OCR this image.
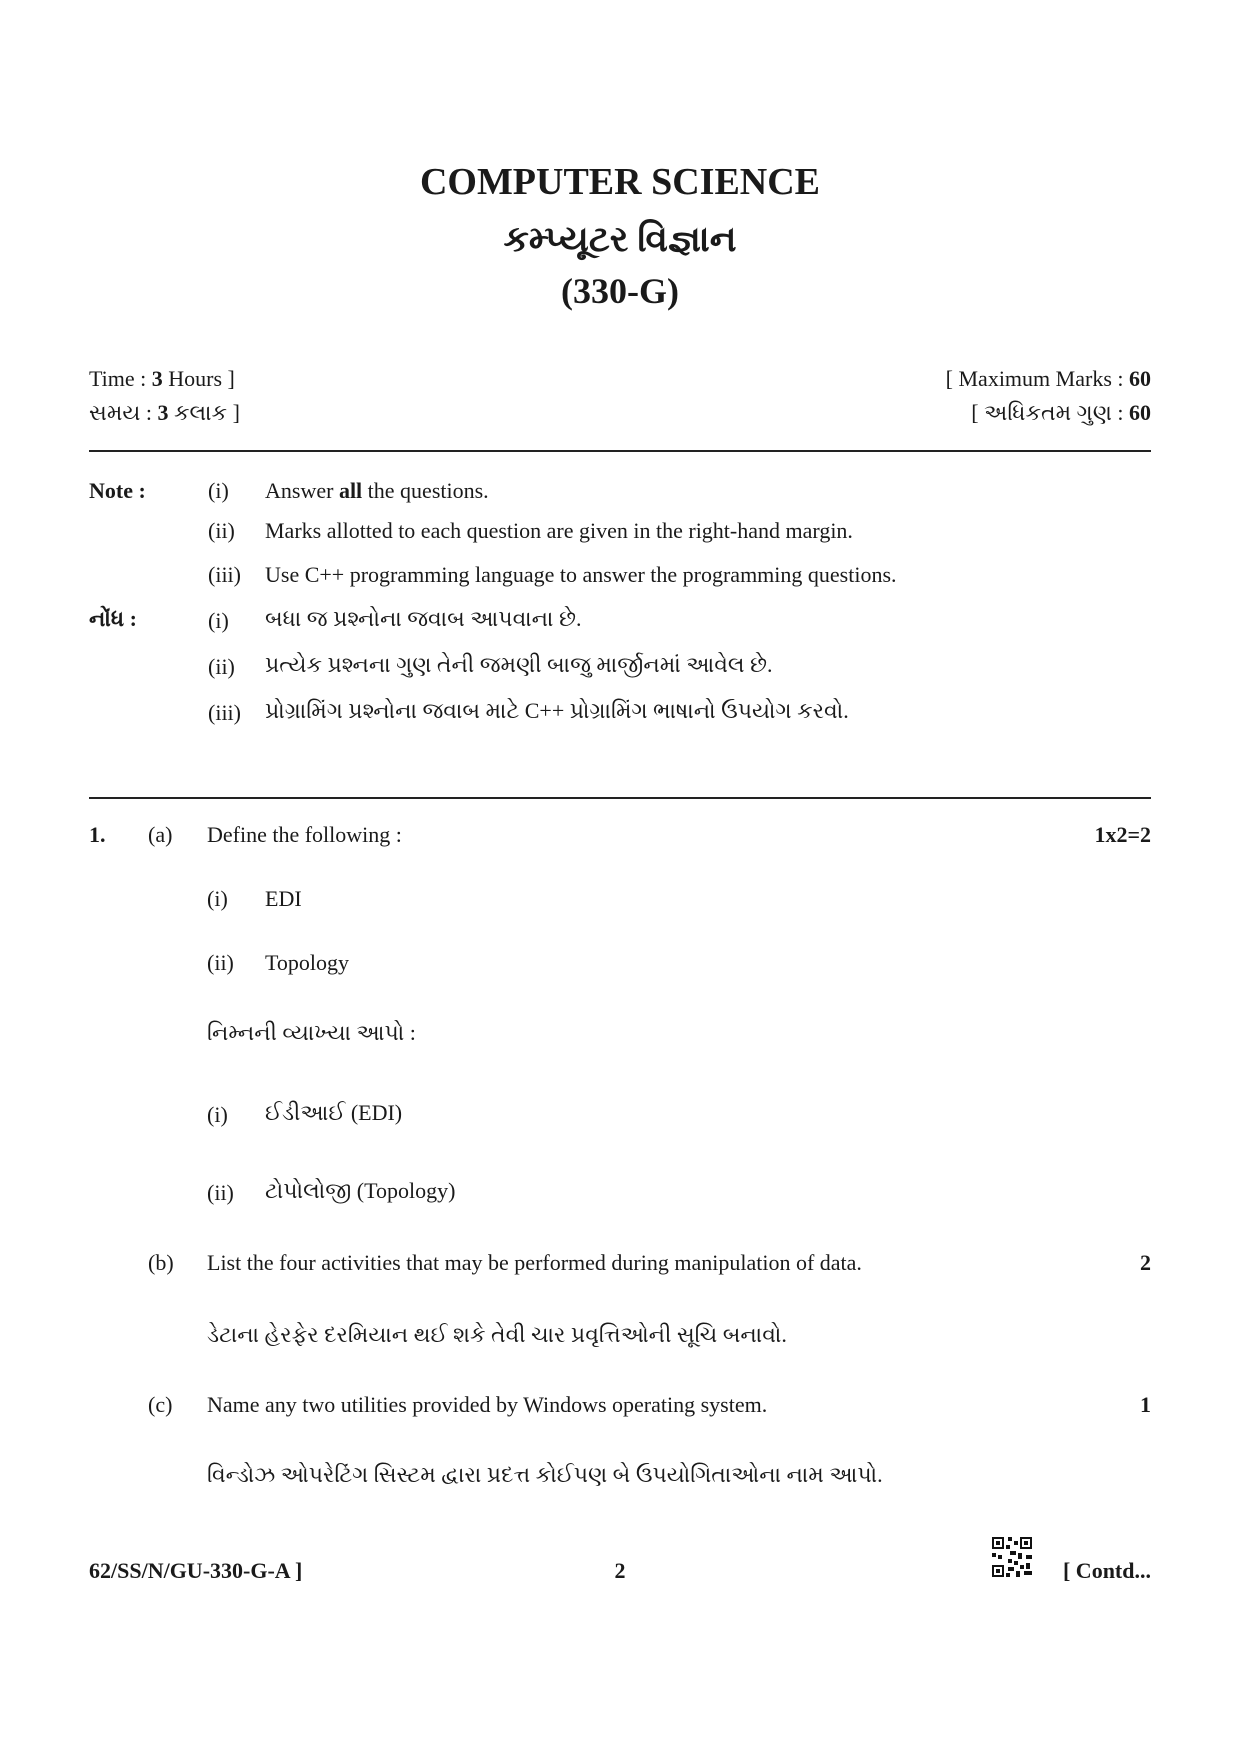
COMPUTER SCIENCE
કમ્પ્યૂટર વિજ્ઞાન
(330-G)
Time : 3 Hours ]
સમય : 3 કલાક ]
[ Maximum Marks : 60
[ અધિકતમ ગુણ : 60
Note :	(i) Answer all the questions.
(ii) Marks allotted to each question are given in the right-hand margin.
(iii) Use C++ programming language to answer the programming questions.
નોંધ :	(i) બધા જ પ્રશ્નોના જવાબ આપવાના છે.
(ii) પ્રત્યેક પ્રશ્નના ગુણ તેની જમણી બાજુ માર્જીનમાં આવેલ છે.
(iii) પ્રોગ્રામિંગ પ્રશ્નોના જવાબ માટે C++ પ્રોગ્રામિંગ ભાષાનો ઉપયોગ કરવો.
1. (a) Define the following :	1x2=2
(i) EDI
(ii) Topology
નિમ્નની વ્યાખ્યા આપો :
(i) ઈડીઆઈ (EDI)
(ii) ટોપોલોજી (Topology)
(b) List the four activities that may be performed during manipulation of data.	2
ડેટાના હેરફેર દરમિયાન થઈ શકે તેવી ચાર પ્રવૃત્તિઓની સૂચિ બનાવો.
(c) Name any two utilities provided by Windows operating system.	1
વિન્ડોઝ ઓપરેટિંગ સિસ્ટમ દ્વારા પ્રદત્ત કોઈપણ બે ઉપયોગિતાઓના નામ આપો.
62/SS/N/GU-330-G-A ]	2	[ Contd...
